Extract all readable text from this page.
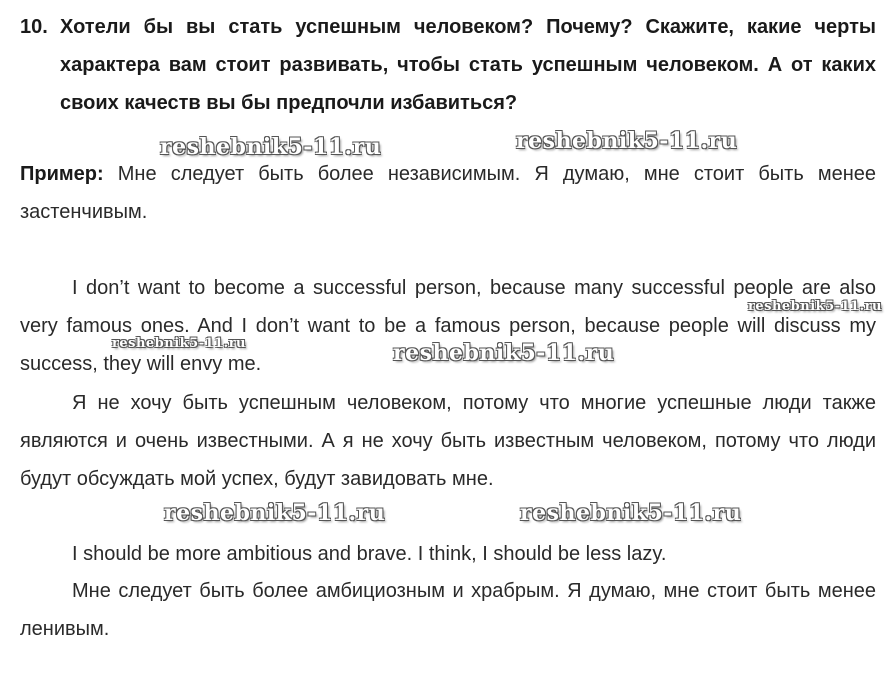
10. Хотели бы вы стать успешным человеком? Почему? Скажите, какие черты характера вам стоит развивать, чтобы стать успешным человеком. А от каких своих качеств вы бы предпочли избавиться?
Пример: Мне следует быть более независимым. Я думаю, мне стоит быть менее застенчивым.

I don’t want to become a successful person, because many successful people are also very famous ones. And I don’t want to be a famous person, because people will discuss my success, they will envy me.

Я не хочу быть успешным человеком, потому что многие успешные люди также являются и очень известными. А я не хочу быть известным человеком, потому что люди будут обсуждать мой успех, будут завидовать мне.

I should be more ambitious and brave. I think, I should be less lazy.

Мне следует быть более амбициозным и храбрым. Я думаю, мне стоит быть менее ленивым.

reshebnik5-11.ru	reshebnik5-11.ru
reshebnik5-11.ru
reshebnik5-11.ru	reshebnik5-11.ru
reshebnik5-11.ru	reshebnik5-11.ru
